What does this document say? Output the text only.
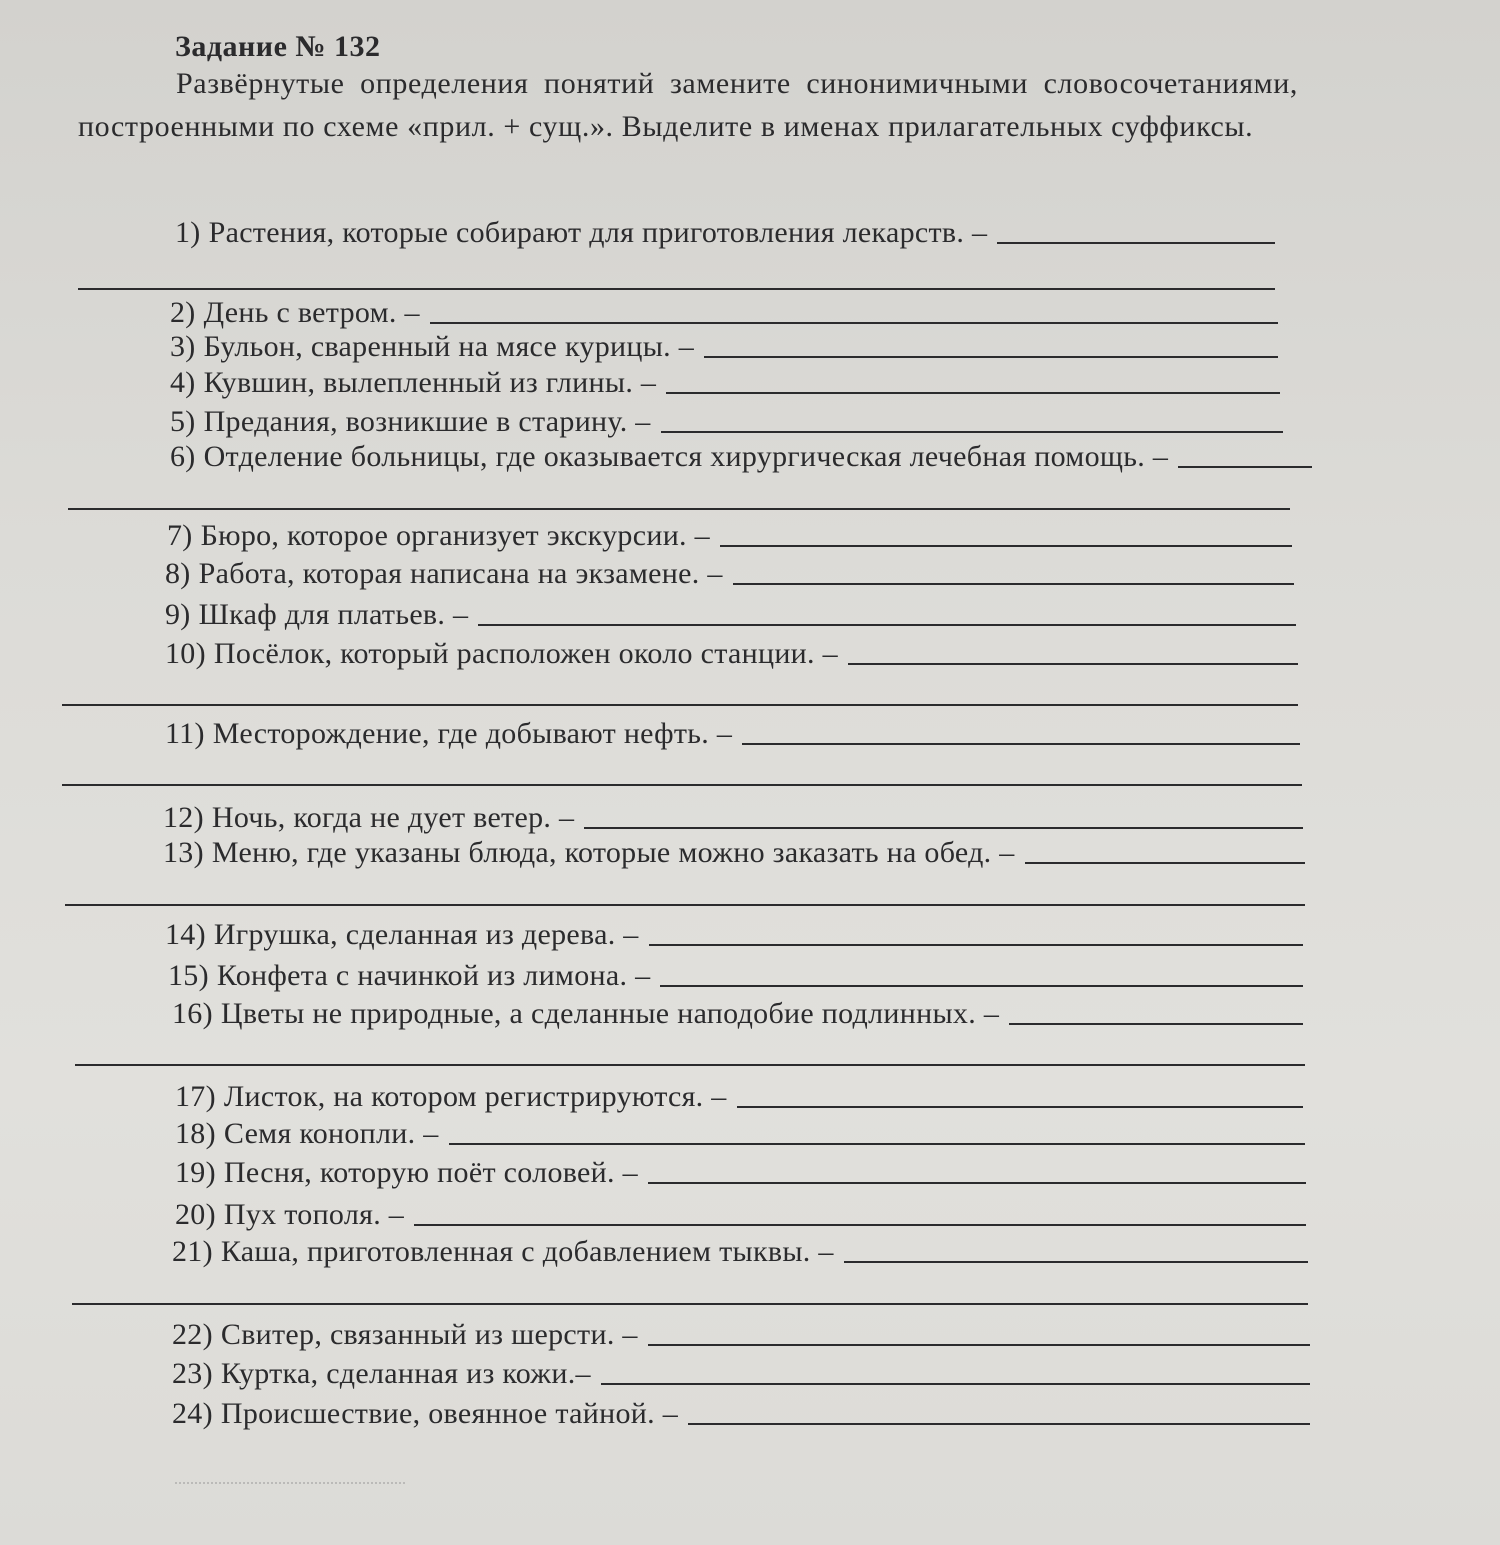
Задание № 132
Развёрнутые определения понятий замените синонимичными словосочетаниями, построенными по схеме «прил. + сущ.». Выделите в именах прилагательных суффиксы.
1) Растения, которые собирают для приготовления лекарств. –
2) День с ветром. –
3) Бульон, сваренный на мясе курицы. –
4) Кувшин, вылепленный из глины. –
5) Предания, возникшие в старину. –
6) Отделение больницы, где оказывается хирургическая лечебная помощь. –
7) Бюро, которое организует экскурсии. –
8) Работа, которая написана на экзамене. –
9) Шкаф для платьев. –
10) Посёлок, который расположен около станции. –
11) Месторождение, где добывают нефть. –
12) Ночь, когда не дует ветер. –
13) Меню, где указаны блюда, которые можно заказать на обед. –
14) Игрушка, сделанная из дерева. –
15) Конфета с начинкой из лимона. –
16) Цветы не природные, а сделанные наподобие подлинных. –
17) Листок, на котором регистрируются. –
18) Семя конопли. –
19) Песня, которую поёт соловей. –
20) Пух тополя. –
21) Каша, приготовленная с добавлением тыквы. –
22) Свитер, связанный из шерсти. –
23) Куртка, сделанная из кожи.–
24) Происшествие, овеянное тайной. –
